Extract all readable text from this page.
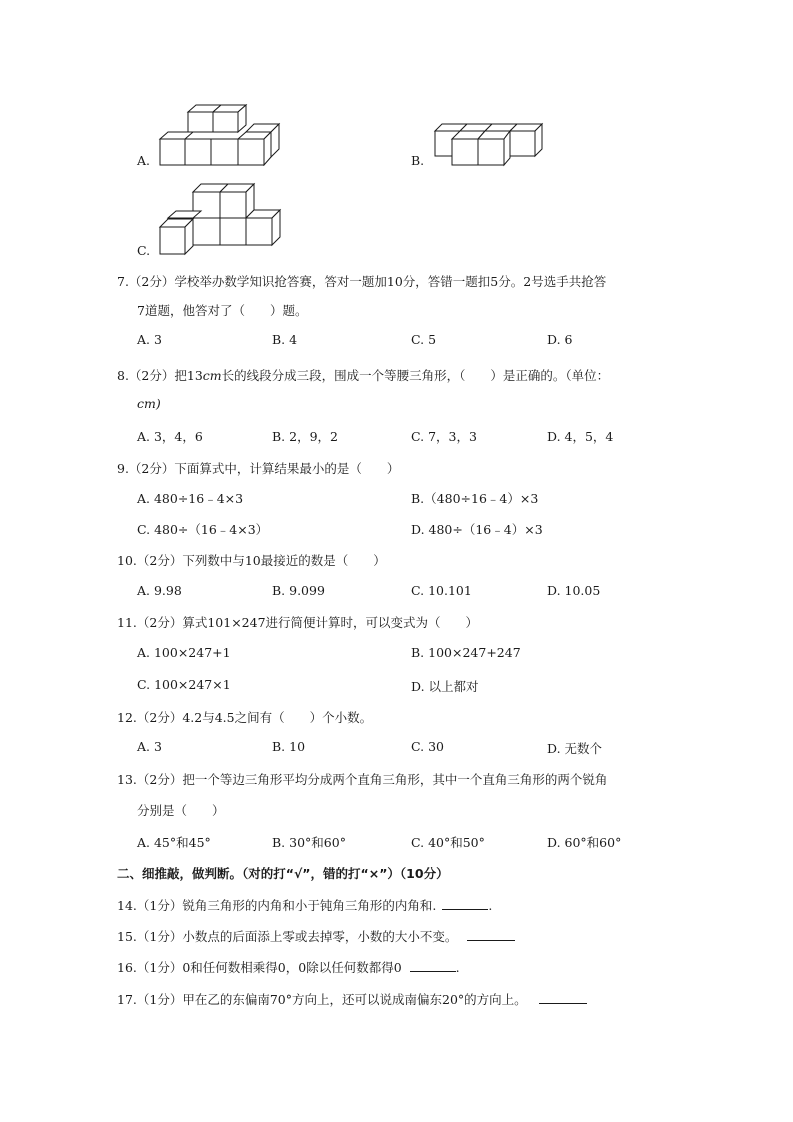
A.	B.
C.
7.（2分）学校举办数学知识抢答赛，答对一题加10分，答错一题扣5分。2号选手共抢答
7道题，他答对了（　　）题。
A. 3	B. 4	C. 5	D. 6
8.（2分）把13cm长的线段分成三段，围成一个等腰三角形，（　　）是正确的。（单位：
cm)
A. 3，4，6	B. 2，9，2	C. 7，3，3	D. 4，5，4
9.（2分）下面算式中，计算结果最小的是（　　）
A. 480÷16﹣4×3	B.（480÷16﹣4）×3
C. 480÷（16﹣4×3）	D. 480÷（16﹣4）×3
10.（2分）下列数中与10最接近的数是（　　）
A. 9.98	B. 9.099	C. 10.101	D. 10.05
11.（2分）算式101×247进行简便计算时，可以变式为（　　）
A. 100×247+1	B. 100×247+247
C. 100×247×1	D. 以上都对
12.（2分）4.2与4.5之间有（　　）个小数。
A. 3	B. 10	C. 30	D. 无数个
13.（2分）把一个等边三角形平均分成两个直角三角形，其中一个直角三角形的两个锐角
分别是（　　）
A. 45°和45°	B. 30°和60°	C. 40°和50°	D. 60°和60°
二、细推敲，做判断。（对的打“√”，错的打“×”）（10分）
14.（1分）锐角三角形的内角和小于钝角三角形的内角和.	.
15.（1分）小数点的后面添上零或去掉零，小数的大小不变。
16.（1分）0和任何数相乘得0，0除以任何数都得0	.
17.（1分）甲在乙的东偏南70°方向上，还可以说成南偏东20°的方向上。
